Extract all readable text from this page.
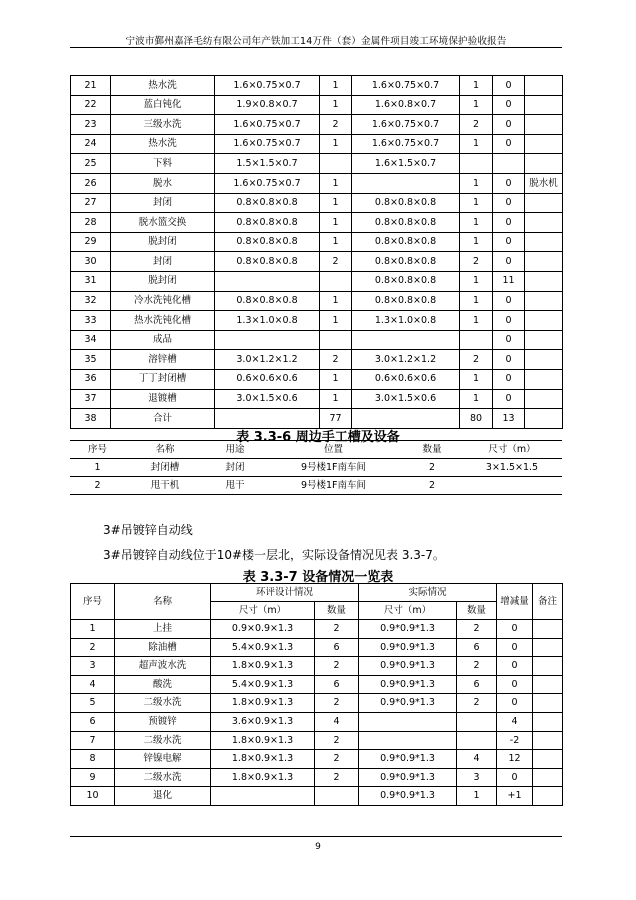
宁波市鄞州嘉泽毛纺有限公司年产铁加工14万件（套）金属件项目竣工环境保护验收报告
21	热水洗	1.6×0.75×0.7	1	1.6×0.75×0.7	1	0	
22	蓝白钝化	1.9×0.8×0.7	1	1.6×0.8×0.7	1	0	
23	三级水洗	1.6×0.75×0.7	2	1.6×0.75×0.7	2	0	
24	热水洗	1.6×0.75×0.7	1	1.6×0.75×0.7	1	0	
25	下料	1.5×1.5×0.7		1.6×1.5×0.7			
26	脱水	1.6×0.75×0.7	1		1	0	脱水机
27	封闭	0.8×0.8×0.8	1	0.8×0.8×0.8	1	0	
28	脱水篮交换	0.8×0.8×0.8	1	0.8×0.8×0.8	1	0	
29	脱封闭	0.8×0.8×0.8	1	0.8×0.8×0.8	1	0	
30	封闭	0.8×0.8×0.8	2	0.8×0.8×0.8	2	0	
31	脱封闭			0.8×0.8×0.8	1	11	
32	冷水洗钝化槽	0.8×0.8×0.8	1	0.8×0.8×0.8	1	0	
33	热水洗钝化槽	1.3×1.0×0.8	1	1.3×1.0×0.8	1	0	
34	成品					0	
35	溶锌槽	3.0×1.2×1.2	2	3.0×1.2×1.2	2	0	
36	丁丁封闭槽	0.6×0.6×0.6	1	0.6×0.6×0.6	1	0	
37	退镀槽	3.0×1.5×0.6	1	3.0×1.5×0.6	1	0	
38	合计		77		80	13	
表 3.3-6 周边手工槽及设备
序号	名称	用途	位置	数量	尺寸（m）
1	封闭槽	封闭	9号楼1F南车间	2	3×1.5×1.5
2	甩干机	甩干	9号楼1F南车间	2	
3#吊镀锌自动线
3#吊镀锌自动线位于10#楼一层北，实际设备情况见表 3.3-7。
表 3.3-7 设备情况一览表
序号	名称	环评设计情况		实际情况		增减量	备注
		尺寸（m）	数量	尺寸（m）	数量		
1	上挂	0.9×0.9×1.3	2	0.9*0.9*1.3	2	0	
2	除油槽	5.4×0.9×1.3	6	0.9*0.9*1.3	6	0	
3	超声波水洗	1.8×0.9×1.3	2	0.9*0.9*1.3	2	0	
4	酸洗	5.4×0.9×1.3	6	0.9*0.9*1.3	6	0	
5	二级水洗	1.8×0.9×1.3	2	0.9*0.9*1.3	2	0	
6	预镀锌	3.6×0.9×1.3	4			4	
7	二级水洗	1.8×0.9×1.3	2			-2	
8	锌镍电解	1.8×0.9×1.3	2	0.9*0.9*1.3	4	12	
9	二级水洗	1.8×0.9×1.3	2	0.9*0.9*1.3	3	0	
10	退化			0.9*0.9*1.3	1	+1	
9
